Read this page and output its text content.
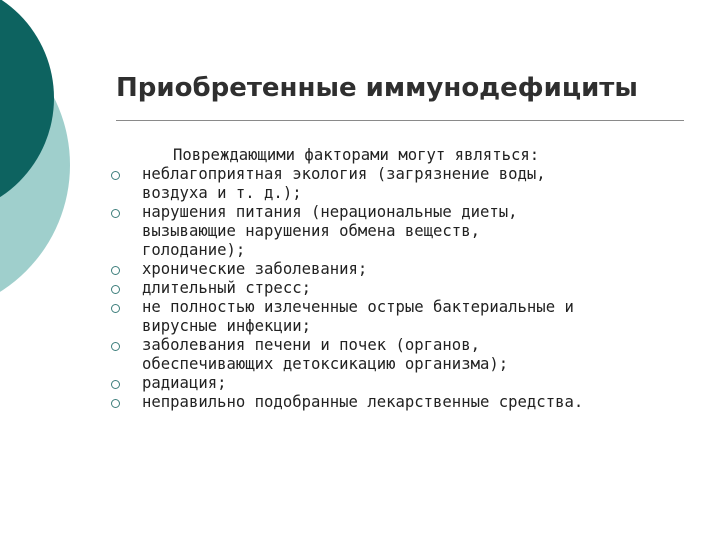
Приобретенные иммунодефициты

Повреждающими факторами могут являться:

неблагоприятная экология (загрязнение воды,
воздуха и т. д.);
нарушения питания (нерациональные диеты,
вызывающие нарушения обмена веществ,
голодание);
хронические заболевания;
длительный стресс;
не полностью излеченные острые бактериальные и
вирусные инфекции;
заболевания печени и почек (органов,
обеспечивающих детоксикацию организма);
радиация;
неправильно подобранные лекарственные средства.
